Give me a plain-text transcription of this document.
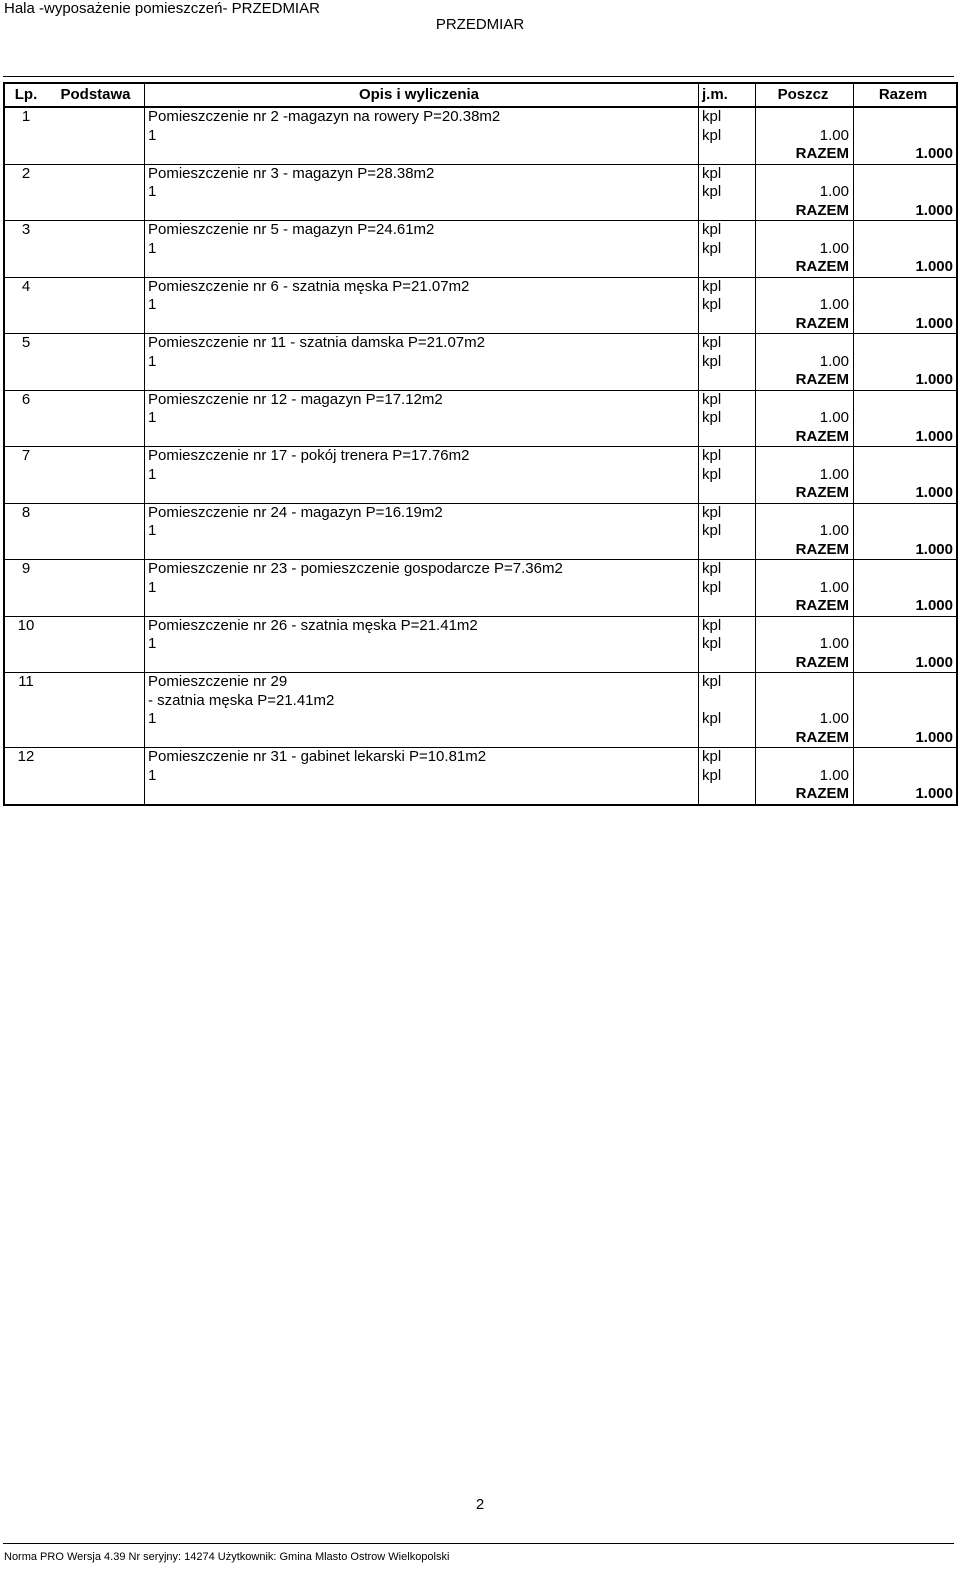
Hala -wyposażenie pomieszczeń- PRZEDMIAR
PRZEDMIAR
Lp.	Podstawa	Opis i wyliczenia	j.m.	Poszcz	Razem
1	Pomieszczenie nr 2 -magazyn na rowery P=20.38m2	kpl
1	kpl	1.00
RAZEM	1.000
2	Pomieszczenie nr 3 - magazyn P=28.38m2	kpl
1	kpl	1.00
RAZEM	1.000
3	Pomieszczenie nr 5 - magazyn P=24.61m2	kpl
1	kpl	1.00
RAZEM	1.000
4	Pomieszczenie nr 6 - szatnia męska P=21.07m2	kpl
1	kpl	1.00
RAZEM	1.000
5	Pomieszczenie nr 11 - szatnia damska P=21.07m2	kpl
1	kpl	1.00
RAZEM	1.000
6	Pomieszczenie nr 12 - magazyn P=17.12m2	kpl
1	kpl	1.00
RAZEM	1.000
7	Pomieszczenie nr 17 - pokój trenera P=17.76m2	kpl
1	kpl	1.00
RAZEM	1.000
8	Pomieszczenie nr 24 - magazyn P=16.19m2	kpl
1	kpl	1.00
RAZEM	1.000
9	Pomieszczenie nr 23 - pomieszczenie gospodarcze P=7.36m2	kpl
1	kpl	1.00
RAZEM	1.000
10	Pomieszczenie nr 26 - szatnia męska P=21.41m2	kpl
1	kpl	1.00
RAZEM	1.000
11	Pomieszczenie nr 29	kpl
- szatnia męska P=21.41m2
1	kpl	1.00
RAZEM	1.000
12	Pomieszczenie nr 31 - gabinet lekarski P=10.81m2	kpl
1	kpl	1.00
RAZEM	1.000
2
Norma PRO Wersja 4.39 Nr seryjny: 14274 Użytkownik: Gmina Mlasto Ostrow Wielkopolski
